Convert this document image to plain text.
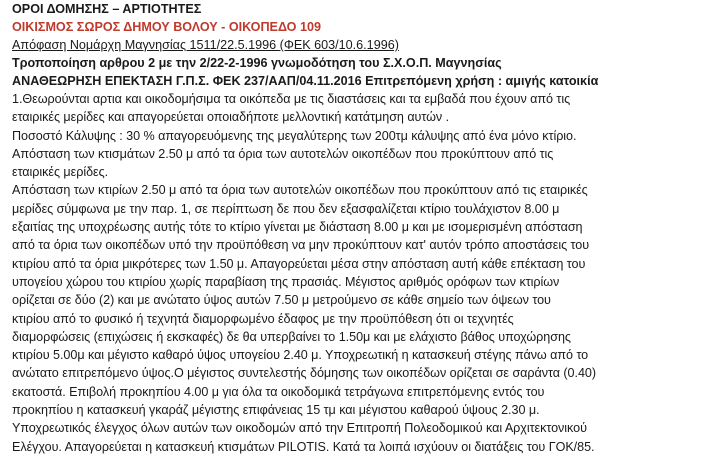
ΟΡΟΙ ΔΟΜΗΣΗΣ – ΑΡΤΙΟΤΗΤΕΣ
ΟΙΚΙΣΜΟΣ ΣΩΡΟΣ ΔΗΜΟΥ ΒΟΛΟΥ - ΟΙΚΟΠΕΔΟ 109
Απόφαση Νομάρχη Μαγνησίας 1511/22.5.1996 (ΦΕΚ 603/10.6.1996)
Τροποποίηση αρθρου 2 με την 2/22-2-1996 γνωμοδότηση του Σ.Χ.Ο.Π. Μαγνησίας
ΑΝΑΘΕΩΡΗΣΗ ΕΠΕΚΤΑΣΗ Γ.Π.Σ. ΦΕΚ 237/ΑΑΠ/04.11.2016 Επιτρεπόμενη χρήση : αμιγής κατοικία
1.Θεωρούνται αρτια και οικοδομήσιμα τα οικόπεδα με τις διαστάσεις και τα εμβαδά που έχουν από τις
εταιρικές μερίδες και απαγορεύεται οποιαδήποτε μελλοντική κατάτμηση αυτών .
Ποσοστό Κάλυψης : 30 % απαγορευόμενης της μεγαλύτερης των 200τμ κάλυψης από ένα μόνο κτίριο.
Απόσταση των κτισμάτων 2.50 μ από τα όρια των αυτοτελών οικοπέδων που προκύπτουν από τις
εταιρικές μερίδες.
Απόσταση των κτιρίων 2.50 μ από τα όρια των αυτοτελών οικοπέδων που προκύπτουν από τις εταιρικές
μερίδες σύμφωνα με την παρ. 1, σε περίπτωση δε που δεν εξασφαλίζεται κτίριο τουλάχιστον 8.00 μ
εξαιτίας της υποχρέωσης αυτής τότε το κτίριο γίνεται με διάσταση 8.00 μ και με ισομερισμένη απόσταση
από τα όρια των οικοπέδων υπό την προϋπόθεση να μην προκύπτουν κατ' αυτόν τρόπο αποστάσεις του
κτιρίου από τα όρια μικρότερες των 1.50 μ. Απαγορεύεται μέσα στην απόσταση αυτή κάθε επέκταση του
υπογείου χώρου του κτιρίου χωρίς παραβίαση της πρασιάς. Μέγιστος αριθμός ορόφων των κτιρίων
ορίζεται σε δύο (2) και με ανώτατο ύψος αυτών 7.50 μ μετρούμενο σε κάθε σημείο των όψεων του
κτιρίου από το φυσικό ή τεχνητά διαμορφωμένο έδαφος με την προϋπόθεση ότι οι τεχνητές
διαμορφώσεις (επιχώσεις ή εκσκαφές) δε θα υπερβαίνει το 1.50μ και με ελάχιστο βάθος υποχώρησης
κτιρίου 5.00μ και μέγιστο καθαρό ύψος υπογείου 2.40 μ. Υποχρεωτική η κατασκευή στέγης πάνω από το
ανώτατο επιτρεπόμενο ύψος.Ο μέγιστος συντελεστής δόμησης των οικοπέδων ορίζεται σε σαράντα (0.40)
εκατοστά. Επιβολή προκηπίου 4.00 μ για όλα τα οικοδομικά τετράγωνα επιτρεπόμενης εντός του
προκηπίου η κατασκευή γκαράζ μέγιστης επιφάνειας 15 τμ και μέγιστου καθαρού ύψους 2.30 μ.
Υποχρεωτικός έλεγχος όλων αυτών των οικοδομών από την Επιτροπή Πολεοδομικού και Αρχιτεκτονικού
Ελέγχου. Απαγορεύεται η κατασκευή κτισμάτων PILOTIS. Κατά τα λοιπά ισχύουν οι διατάξεις του ΓΟΚ/85.
